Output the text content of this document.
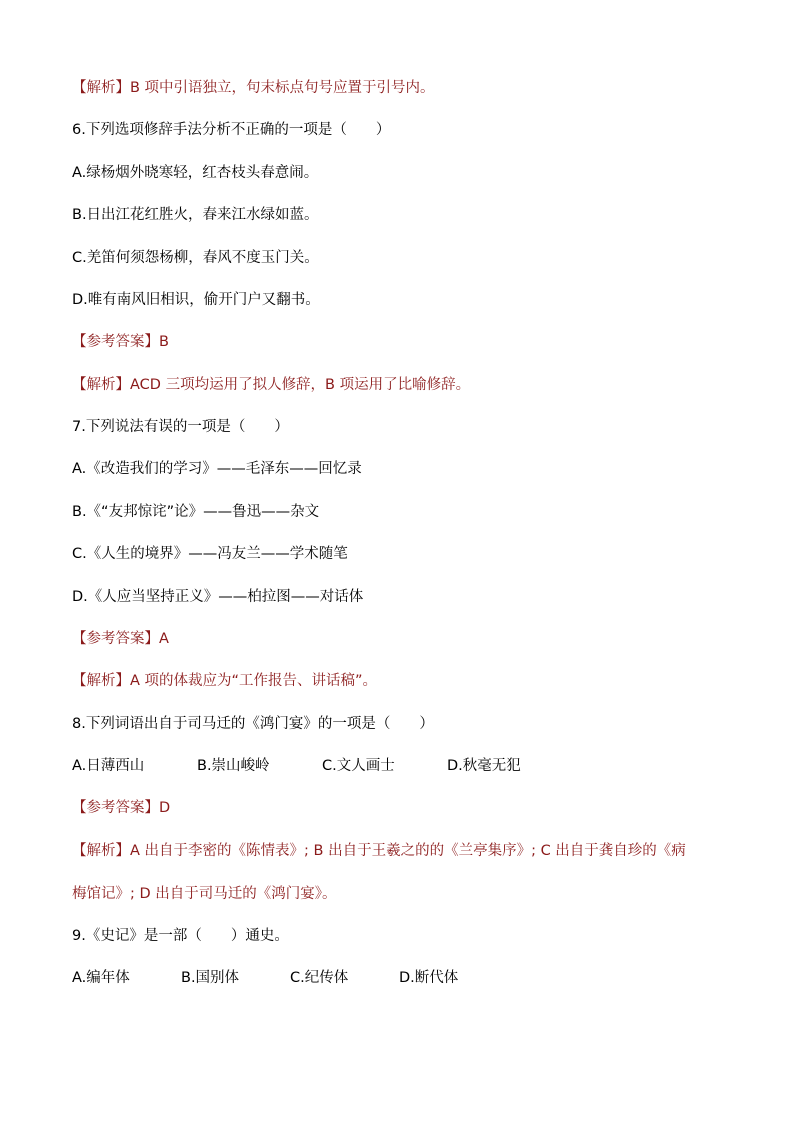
【解析】B 项中引语独立，句末标点句号应置于引号内。
6.下列选项修辞手法分析不正确的一项是（　　）
A.绿杨烟外晓寒轻，红杏枝头春意闹。
B.日出江花红胜火，春来江水绿如蓝。
C.羌笛何须怨杨柳，春风不度玉门关。
D.唯有南风旧相识，偷开门户又翻书。
【参考答案】B
【解析】ACD 三项均运用了拟人修辞，B 项运用了比喻修辞。
7.下列说法有误的一项是（　　）
A.《改造我们的学习》——毛泽东——回忆录
B.《“友邦惊诧”论》——鲁迅——杂文
C.《人生的境界》——冯友兰——学术随笔
D.《人应当坚持正义》——柏拉图——对话体
【参考答案】A
【解析】A 项的体裁应为“工作报告、讲话稿”。
8.下列词语出自于司马迁的《鸿门宴》的一项是（　　）
A.日薄西山	B.崇山峻岭	C.文人画士	D.秋毫无犯
【参考答案】D
【解析】A 出自于李密的《陈情表》; B 出自于王羲之的的《兰亭集序》; C 出自于龚自珍的《病
梅馆记》; D 出自于司马迁的《鸿门宴》。
9.《史记》是一部（　　）通史。
A.编年体	B.国别体	C.纪传体	D.断代体
